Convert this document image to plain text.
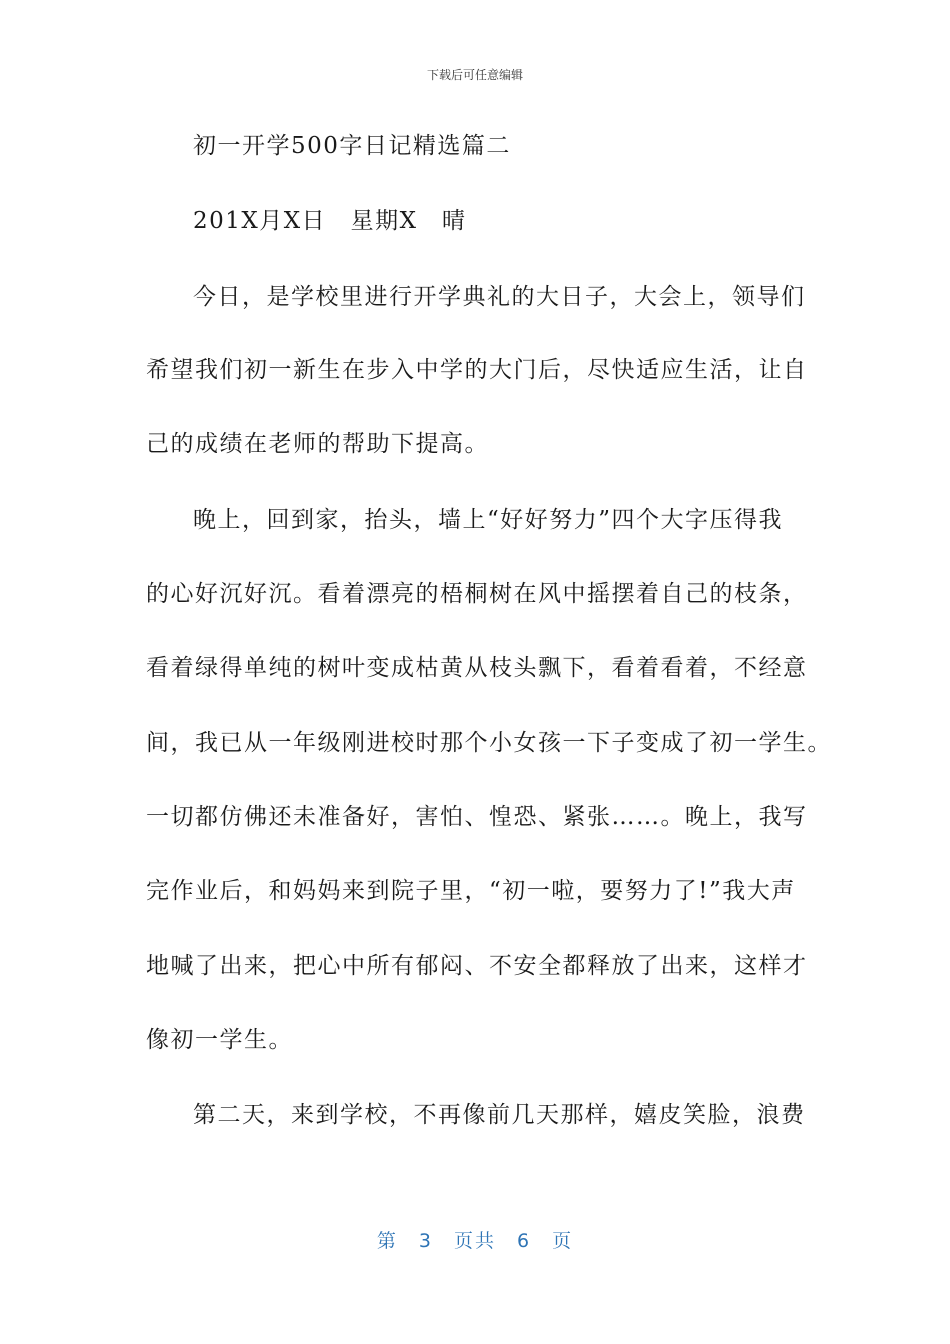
下载后可任意编辑
初一开学500字日记精选篇二
201X月X日　星期X　晴
今日，是学校里进行开学典礼的大日子，大会上，领导们
希望我们初一新生在步入中学的大门后，尽快适应生活，让自
己的成绩在老师的帮助下提高。
晚上，回到家，抬头，墙上“好好努力”四个大字压得我
的心好沉好沉。看着漂亮的梧桐树在风中摇摆着自己的枝条，
看着绿得单纯的树叶变成枯黄从枝头飘下，看着看着，不经意
间，我已从一年级刚进校时那个小女孩一下子变成了初一学生。
一切都仿佛还未准备好，害怕、惶恐、紧张……。晚上，我写
完作业后，和妈妈来到院子里，“初一啦，要努力了!”我大声
地喊了出来，把心中所有郁闷、不安全都释放了出来，这样才
像初一学生。
第二天，来到学校，不再像前几天那样，嬉皮笑脸，浪费
第　3　页共　6　页
